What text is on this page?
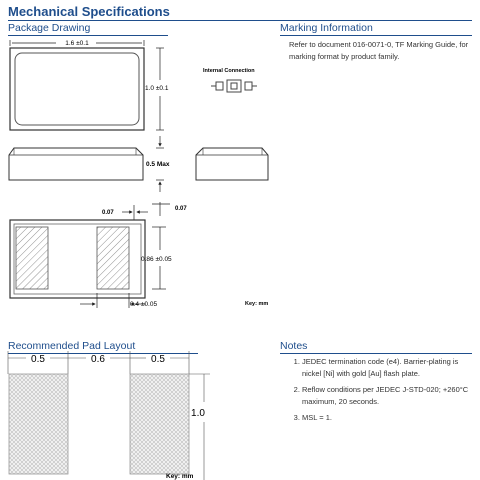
Mechanical Specifications
Package Drawing	Marking Information
Refer to document 016-0071-0, TF Marking Guide, for marking format by product family.
1.6 ±0.1
1.0 ±0.1
Internal Connection
0.5 Max
0.07
0.07
0.86 ±0.05
0.4 ±0.05	Key: mm
Recommended Pad Layout	Notes
1. JEDEC termination code (e4). Barrier-plating is nickel [Ni] with gold [Au] flash plate.
2. Reflow conditions per JEDEC J-STD-020; +260°C maximum, 20 seconds.
3. MSL = 1.
0.5	0.6	0.5
1.0
Key: mm
